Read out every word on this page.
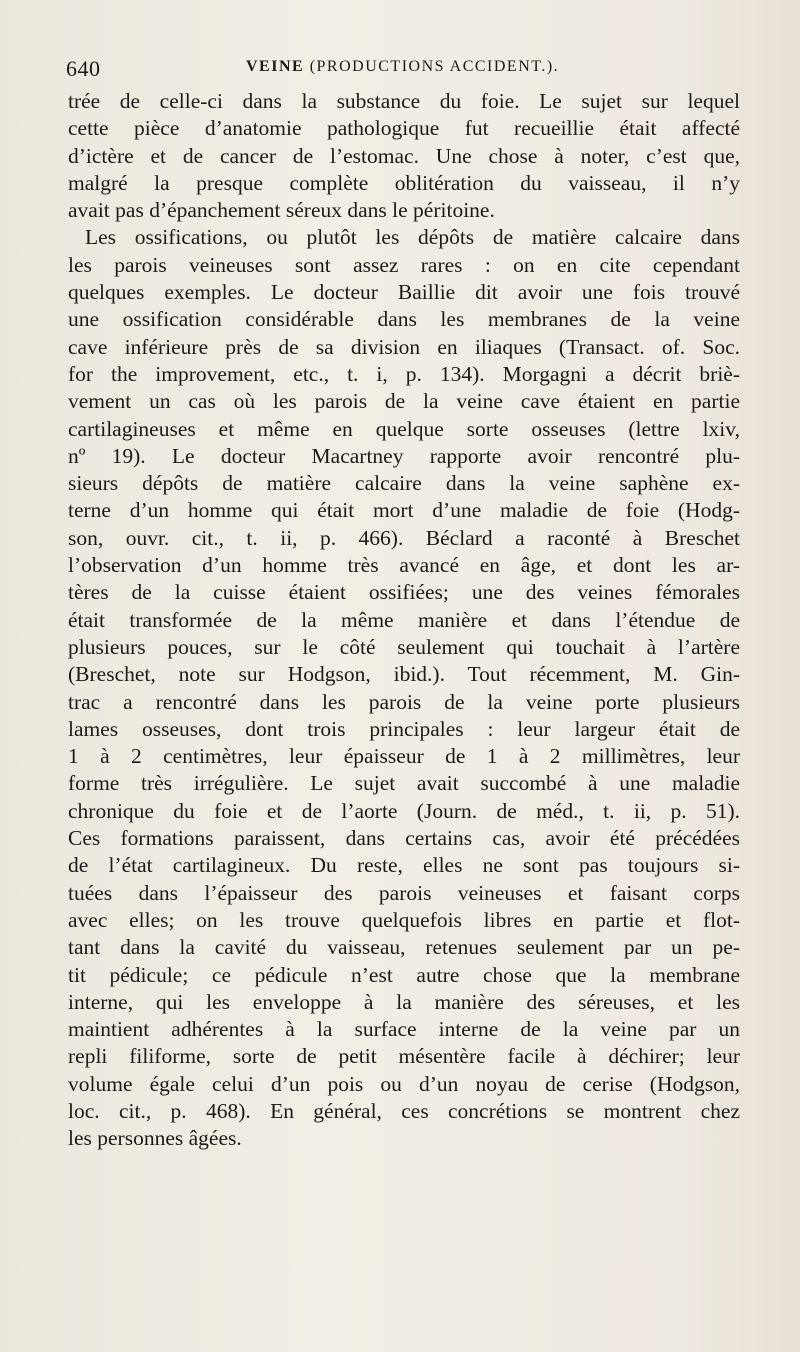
640	VEINE (PRODUCTIONS ACCIDENT.).
trée de celle-ci dans la substance du foie. Le sujet sur lequel
cette pièce d’anatomie pathologique fut recueillie était affecté
d’ictère et de cancer de l’estomac. Une chose à noter, c’est que,
malgré la presque complète oblitération du vaisseau, il n’y
avait pas d’épanchement séreux dans le péritoine.
Les ossifications, ou plutôt les dépôts de matière calcaire dans
les parois veineuses sont assez rares : on en cite cependant
quelques exemples. Le docteur Baillie dit avoir une fois trouvé
une ossification considérable dans les membranes de la veine
cave inférieure près de sa division en iliaques (Transact. of. Soc.
for the improvement, etc., t. i, p. 134). Morgagni a décrit briè-
vement un cas où les parois de la veine cave étaient en partie
cartilagineuses et même en quelque sorte osseuses (lettre lxiv,
nº 19). Le docteur Macartney rapporte avoir rencontré plu-
sieurs dépôts de matière calcaire dans la veine saphène ex-
terne d’un homme qui était mort d’une maladie de foie (Hodg-
son, ouvr. cit., t. ii, p. 466). Béclard a raconté à Breschet
l’observation d’un homme très avancé en âge, et dont les ar-
tères de la cuisse étaient ossifiées; une des veines fémorales
était transformée de la même manière et dans l’étendue de
plusieurs pouces, sur le côté seulement qui touchait à l’artère
(Breschet, note sur Hodgson, ibid.). Tout récemment, M. Gin-
trac a rencontré dans les parois de la veine porte plusieurs
lames osseuses, dont trois principales : leur largeur était de
1 à 2 centimètres, leur épaisseur de 1 à 2 millimètres, leur
forme très irrégulière. Le sujet avait succombé à une maladie
chronique du foie et de l’aorte (Journ. de méd., t. ii, p. 51).
Ces formations paraissent, dans certains cas, avoir été précédées
de l’état cartilagineux. Du reste, elles ne sont pas toujours si-
tuées dans l’épaisseur des parois veineuses et faisant corps
avec elles; on les trouve quelquefois libres en partie et flot-
tant dans la cavité du vaisseau, retenues seulement par un pe-
tit pédicule; ce pédicule n’est autre chose que la membrane
interne, qui les enveloppe à la manière des séreuses, et les
maintient adhérentes à la surface interne de la veine par un
repli filiforme, sorte de petit mésentère facile à déchirer; leur
volume égale celui d’un pois ou d’un noyau de cerise (Hodgson,
loc. cit., p. 468). En général, ces concrétions se montrent chez
les personnes âgées.
